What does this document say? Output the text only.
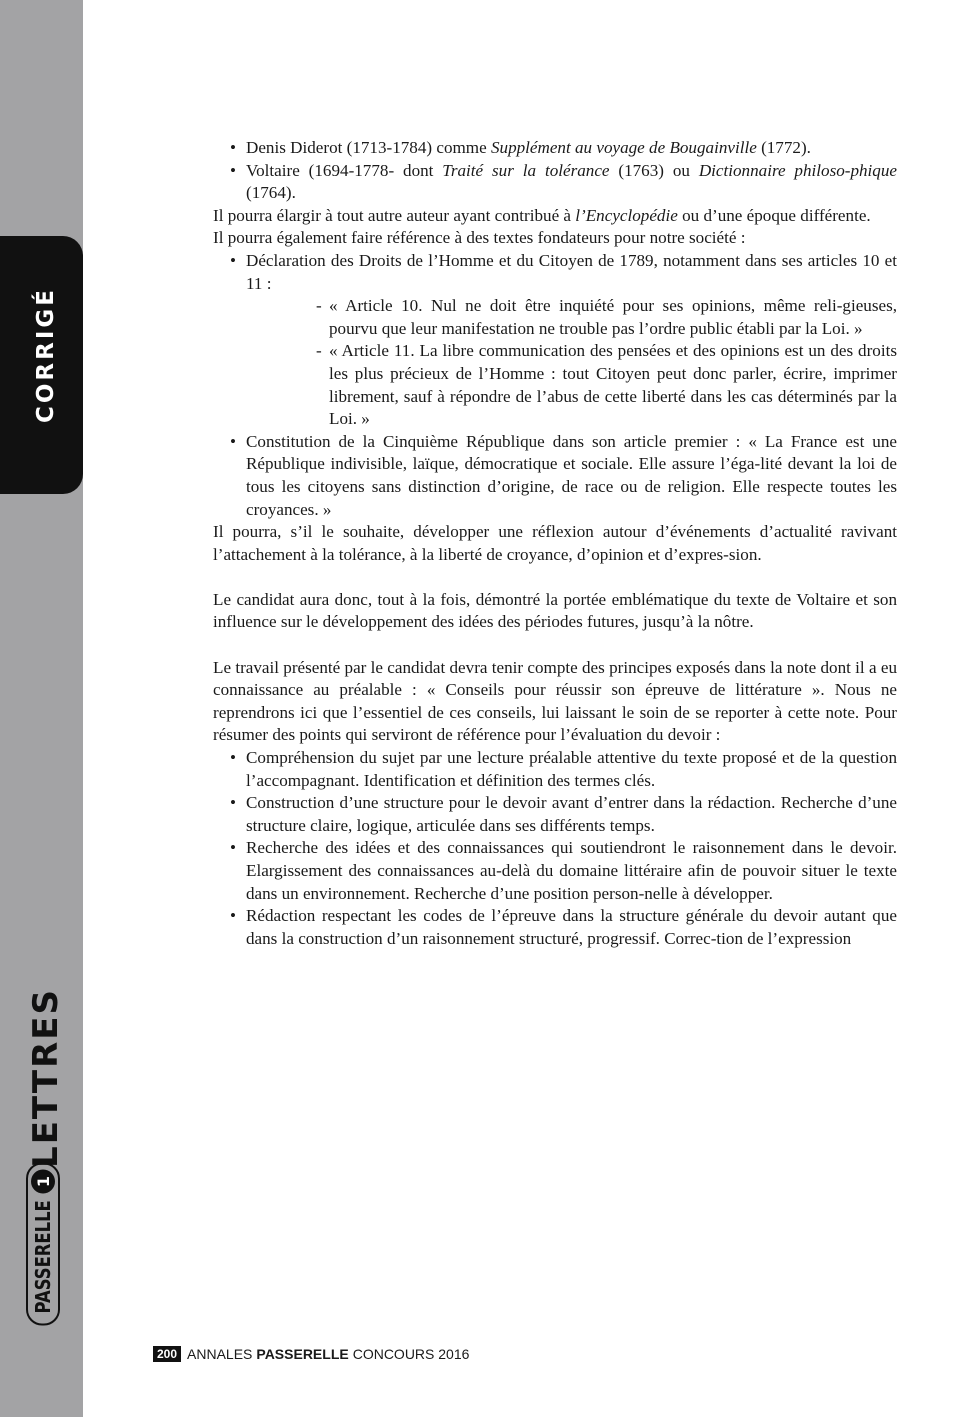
CORRIGÉ
LETTRES
PASSERELLE
1
• Denis Diderot (1713-1784) comme Supplément au voyage de Bougainville (1772).
• Voltaire (1694-1778- dont Traité sur la tolérance (1763) ou Dictionnaire philoso-phique (1764).

Il pourra élargir à tout autre auteur ayant contribué à l’Encyclopédie ou d’une époque différente.

Il pourra également faire référence à des textes fondateurs pour notre société :

• Déclaration des Droits de l’Homme et du Citoyen de 1789, notamment dans ses articles 10 et 11 :
- « Article 10. Nul ne doit être inquiété pour ses opinions, même reli-gieuses, pourvu que leur manifestation ne trouble pas l’ordre public établi par la Loi. »
- « Article 11. La libre communication des pensées et des opinions est un des droits les plus précieux de l’Homme : tout Citoyen peut donc parler, écrire, imprimer librement, sauf à répondre de l’abus de cette liberté dans les cas déterminés par la Loi. »
• Constitution de la Cinquième République dans son article premier : « La France est une République indivisible, laïque, démocratique et sociale. Elle assure l’éga-lité devant la loi de tous les citoyens sans distinction d’origine, de race ou de religion. Elle respecte toutes les croyances. »

Il pourra, s’il le souhaite, développer une réflexion autour d’événements d’actualité ravivant l’attachement à la tolérance, à la liberté de croyance, d’opinion et d’expres-sion.

Le candidat aura donc, tout à la fois, démontré la portée emblématique du texte de Voltaire et son influence sur le développement des idées des périodes futures, jusqu’à la nôtre.

Le travail présenté par le candidat devra tenir compte des principes exposés dans la note dont il a eu connaissance au préalable : « Conseils pour réussir son épreuve de littérature ». Nous ne reprendrons ici que l’essentiel de ces conseils, lui laissant le soin de se reporter à cette note. Pour résumer des points qui serviront de référence pour l’évaluation du devoir :

• Compréhension du sujet par une lecture préalable attentive du texte proposé et de la question l’accompagnant. Identification et définition des termes clés.
• Construction d’une structure pour le devoir avant d’entrer dans la rédaction. Recherche d’une structure claire, logique, articulée dans ses différents temps.
• Recherche des idées et des connaissances qui soutiendront le raisonnement dans le devoir. Elargissement des connaissances au-delà du domaine littéraire afin de pouvoir situer le texte dans un environnement. Recherche d’une position person-nelle à développer.
• Rédaction respectant les codes de l’épreuve dans la structure générale du devoir autant que dans la construction d’un raisonnement structuré, progressif. Correc-tion de l’expression
200 ANNALES PASSERELLE CONCOURS 2016
